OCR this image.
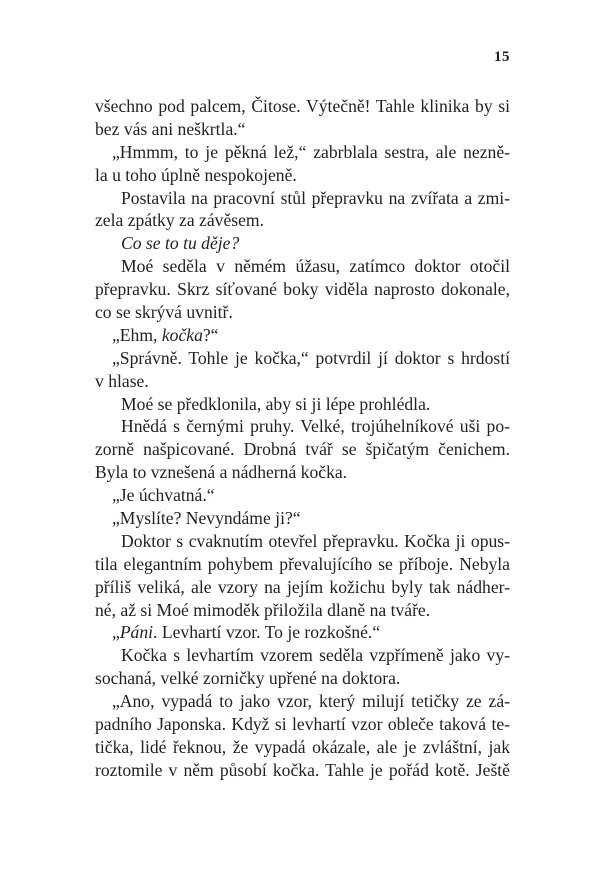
15
všechno pod palcem, Čitose. Výtečně! Tahle klinika by si
bez vás ani neškrtla.“
„Hmmm, to je pěkná lež,“ zabrblala sestra, ale nezně-
la u toho úplně nespokojeně.
Postavila na pracovní stůl přepravku na zvířata a zmi-
zela zpátky za závěsem.
Co se to tu děje?
Moé seděla v němém úžasu, zatímco doktor otočil
přepravku. Skrz síťované boky viděla naprosto dokonale,
co se skrývá uvnitř.
„Ehm, kočka?“
„Správně. Tohle je kočka,“ potvrdil jí doktor s hrdostí
v hlase.
Moé se předklonila, aby si ji lépe prohlédla.
Hnědá s černými pruhy. Velké, trojúhelníkové uši po-
zorně našpicované. Drobná tvář se špičatým čenichem.
Byla to vznešená a nádherná kočka.
„Je úchvatná.“
„Myslíte? Nevyndáme ji?“
Doktor s cvaknutím otevřel přepravku. Kočka ji opus-
tila elegantním pohybem převalujícího se příboje. Nebyla
příliš veliká, ale vzory na jejím kožichu byly tak nádher-
né, až si Moé mimoděk přiložila dlaně na tváře.
„Páni. Levhartí vzor. To je rozkošné.“
Kočka s levhartím vzorem seděla vzpřímeně jako vy-
sochaná, velké zorničky upřené na doktora.
„Ano, vypadá to jako vzor, který milují tetičky ze zá-
padního Japonska. Když si levhartí vzor obleče taková te-
tička, lidé řeknou, že vypadá okázale, ale je zvláštní, jak
roztomile v něm působí kočka. Tahle je pořád kotě. Ještě
